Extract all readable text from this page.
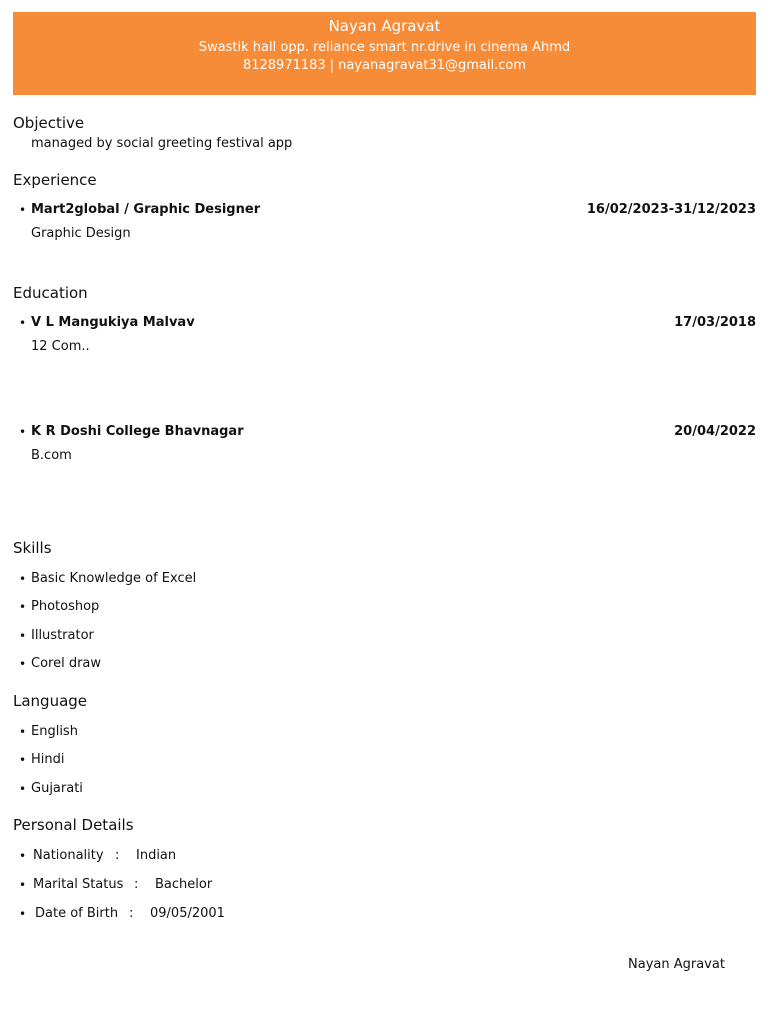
Nayan Agravat
Swastik hall opp. reliance smart nr.drive in cinema Ahmd
8128971183 | nayanagravat31@gmail.com
Objective
managed by social greeting festival app
Experience
• Mart2global / Graphic Designer	16/02/2023-31/12/2023
Graphic Design
Education
• V L Mangukiya Malvav	17/03/2018
12 Com..
• K R Doshi College Bhavnagar	20/04/2022
B.com
Skills
• Basic Knowledge of Excel
• Photoshop
• Illustrator
• Corel draw
Language
• English
• Hindi
• Gujarati
Personal Details
• Nationality : Indian
• Marital Status : Bachelor
• Date of Birth : 09/05/2001
Nayan Agravat
